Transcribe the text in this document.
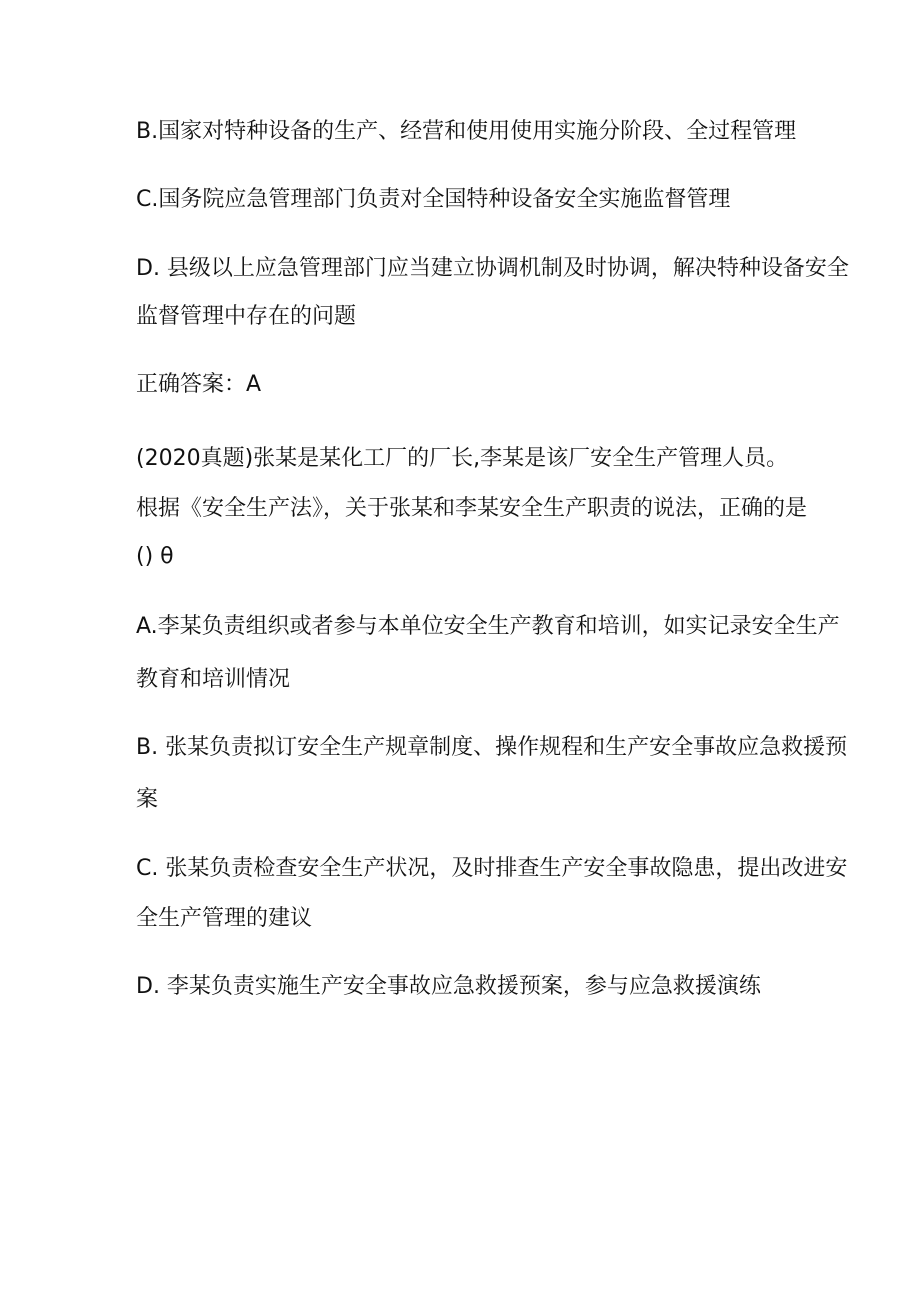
B.国家对特种设备的生产、经营和使用使用实施分阶段、全过程管理
C.国务院应急管理部门负责对全国特种设备安全实施监督管理
D. 县级以上应急管理部门应当建立协调机制及时协调，解决特种设备安全
监督管理中存在的问题
正确答案：A
(2020真题)张某是某化工厂的厂长,李某是该厂安全生产管理人员。
根据《安全生产法》，关于张某和李某安全生产职责的说法，正确的是
() θ
A.李某负责组织或者参与本单位安全生产教育和培训，如实记录安全生产
教育和培训情况
B. 张某负责拟订安全生产规章制度、操作规程和生产安全事故应急救援预
案
C. 张某负责检查安全生产状况，及时排查生产安全事故隐患，提出改进安
全生产管理的建议
D. 李某负责实施生产安全事故应急救援预案，参与应急救援演练
